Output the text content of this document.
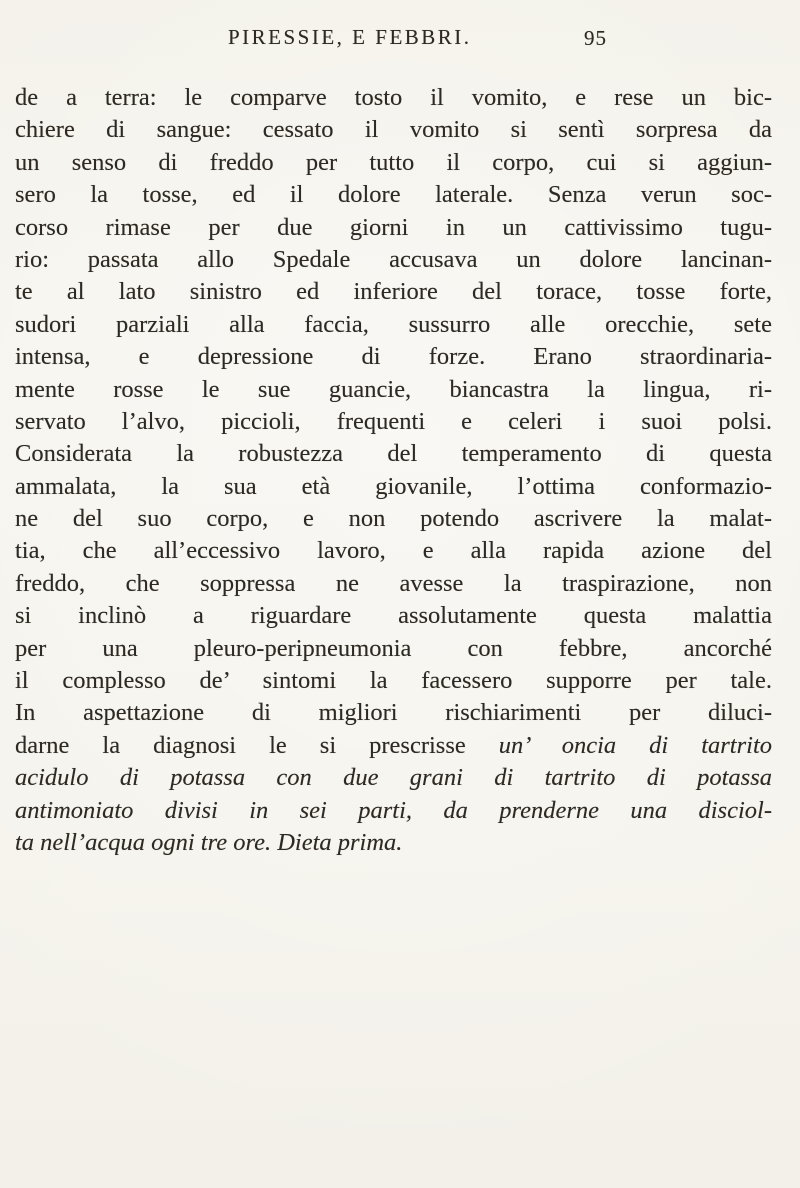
PIRESSIE, E FEBBRI.	95
de a terra: le comparve tosto il vomito, e rese un bic-
chiere di sangue: cessato il vomito si sentì sorpresa da
un senso di freddo per tutto il corpo, cui si aggiun-
sero la tosse, ed il dolore laterale. Senza verun soc-
corso rimase per due giorni in un cattivissimo tugu-
rio: passata allo Spedale accusava un dolore lancinan-
te al lato sinistro ed inferiore del torace, tosse forte,
sudori parziali alla faccia, sussurro alle orecchie, sete
intensa, e depressione di forze. Erano straordinaria-
mente rosse le sue guancie, biancastra la lingua, ri-
servato l’alvo, piccioli, frequenti e celeri i suoi polsi.
Considerata la robustezza del temperamento di questa
ammalata, la sua età giovanile, l’ottima conformazio-
ne del suo corpo, e non potendo ascrivere la malat-
tia, che all’eccessivo lavoro, e alla rapida azione del
freddo, che soppressa ne avesse la traspirazione, non
si inclinò a riguardare assolutamente questa malattia
per una pleuro-peripneumonia con febbre, ancorché
il complesso de’ sintomi la facessero supporre per tale.
In aspettazione di migliori rischiarimenti per diluci-
darne la diagnosi le si prescrisse un’ oncia di tartrito
acidulo di potassa con due grani di tartrito di potassa
antimoniato divisi in sei parti, da prenderne una disciol-
ta nell’acqua ogni tre ore. Dieta prima.
